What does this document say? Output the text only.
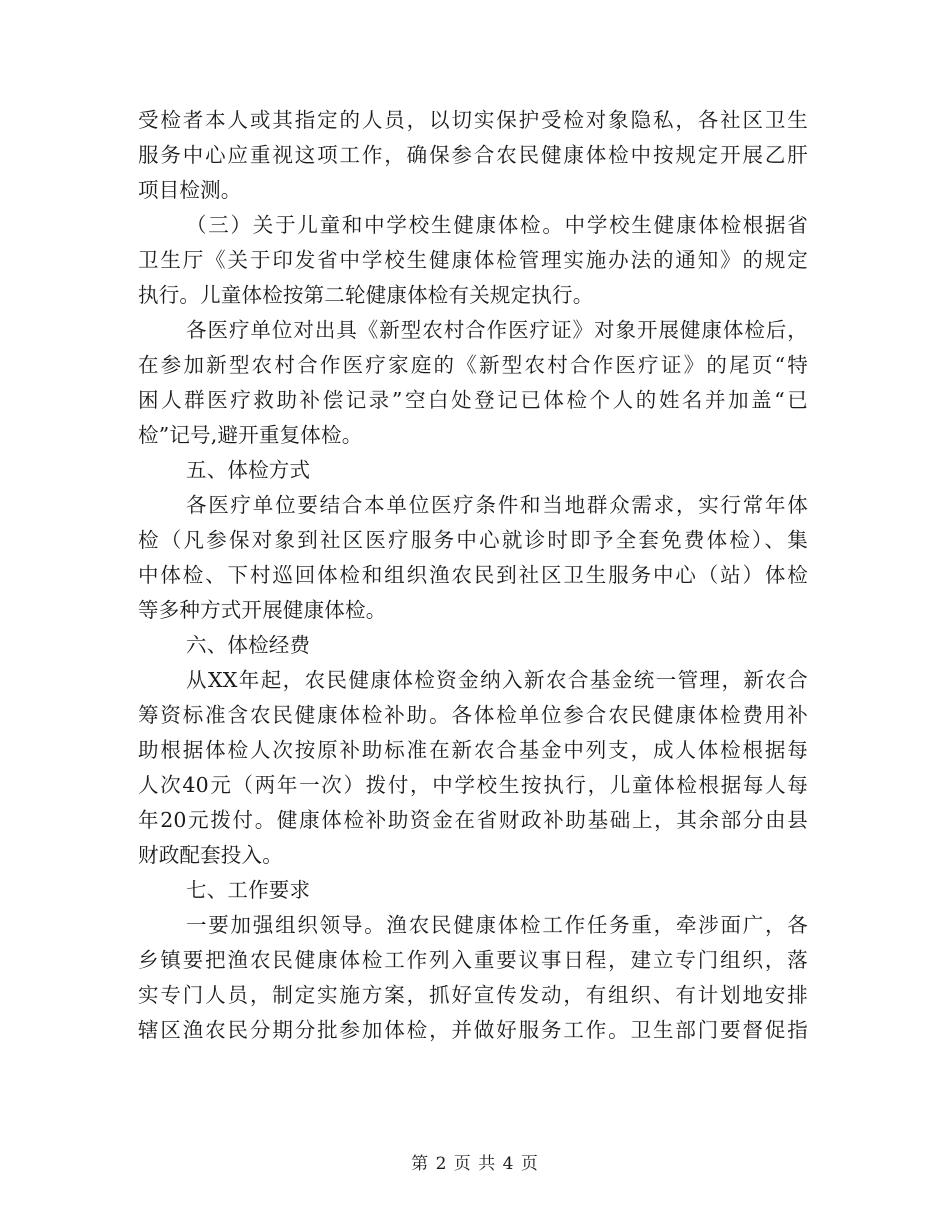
受检者本人或其指定的人员，以切实保护受检对象隐私，各社区卫生
服务中心应重视这项工作，确保参合农民健康体检中按规定开展乙肝
项目检测。
（三）关于儿童和中学校生健康体检。中学校生健康体检根据省
卫生厅《关于印发省中学校生健康体检管理实施办法的通知》的规定
执行。儿童体检按第二轮健康体检有关规定执行。
各医疗单位对出具《新型农村合作医疗证》对象开展健康体检后，
在参加新型农村合作医疗家庭的《新型农村合作医疗证》的尾页“特
困人群医疗救助补偿记录”空白处登记已体检个人的姓名并加盖“已
检”记号,避开重复体检。
五、体检方式
各医疗单位要结合本单位医疗条件和当地群众需求，实行常年体
检（凡参保对象到社区医疗服务中心就诊时即予全套免费体检）、集
中体检、下村巡回体检和组织渔农民到社区卫生服务中心（站）体检
等多种方式开展健康体检。
六、体检经费
从XX年起，农民健康体检资金纳入新农合基金统一管理，新农合
筹资标准含农民健康体检补助。各体检单位参合农民健康体检费用补
助根据体检人次按原补助标准在新农合基金中列支，成人体检根据每
人次40元（两年一次）拨付，中学校生按执行，儿童体检根据每人每
年20元拨付。健康体检补助资金在省财政补助基础上，其余部分由县
财政配套投入。
七、工作要求
一要加强组织领导。渔农民健康体检工作任务重，牵涉面广，各
乡镇要把渔农民健康体检工作列入重要议事日程，建立专门组织，落
实专门人员，制定实施方案，抓好宣传发动，有组织、有计划地安排
辖区渔农民分期分批参加体检，并做好服务工作。卫生部门要督促指
第 2 页 共 4 页
